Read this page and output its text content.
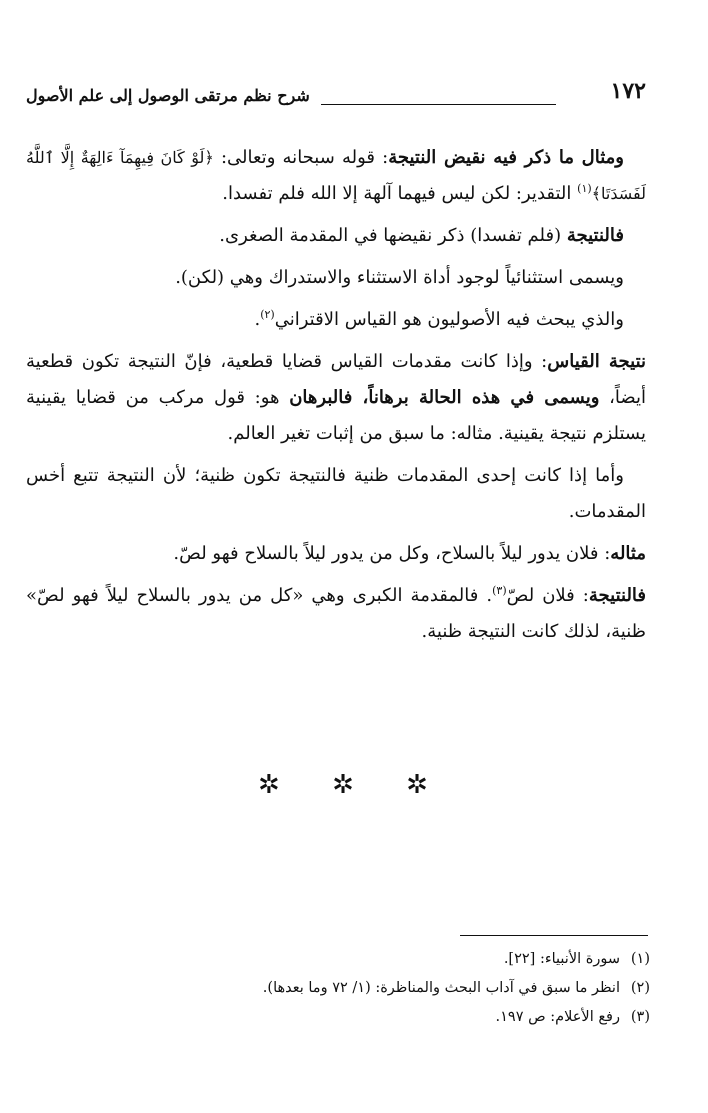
١٧٢
شرح نظم مرتقى الوصول إلى علم الأصول

ومثال ما ذكر فيه نقيض النتيجة: قوله سبحانه وتعالى: ﴿لَوْ كَانَ فِيهِمَآ ءَالِهَةٌ إِلَّا ٱللَّهُ لَفَسَدَتَا﴾$^{(١)}$ التقدير: لكن ليس فيهما آلهة إلا الله فلم تفسدا.

فالنتيجة (فلم تفسدا) ذكر نقيضها في المقدمة الصغرى.

ويسمى استثنائياً لوجود أداة الاستثناء والاستدراك وهي (لكن).

والذي يبحث فيه الأصوليون هو القياس الاقتراني$^{(٢)}$.

نتيجة القياس: وإذا كانت مقدمات القياس قضايا قطعية، فإنّ النتيجة تكون قطعية أيضاً، ويسمى في هذه الحالة برهاناً، فالبرهان هو: قول مركب من قضايا يقينية يستلزم نتيجة يقينية. مثاله: ما سبق من إثبات تغير العالم.

وأما إذا كانت إحدى المقدمات ظنية فالنتيجة تكون ظنية؛ لأن النتيجة تتبع أخس المقدمات.

مثاله: فلان يدور ليلاً بالسلاح، وكل من يدور ليلاً بالسلاح فهو لصّ.

فالنتيجة: فلان لصّ$^{(٣)}$. فالمقدمة الكبرى وهي «كل من يدور بالسلاح ليلاً فهو لصّ» ظنية، لذلك كانت النتيجة ظنية.

✲ ✲ ✲

(١)سورة الأنبياء: [٢٢].

(٢)انظر ما سبق في آداب البحث والمناظرة: (١/ ٧٢ وما بعدها).

(٣)رفع الأعلام: ص ١٩٧.
